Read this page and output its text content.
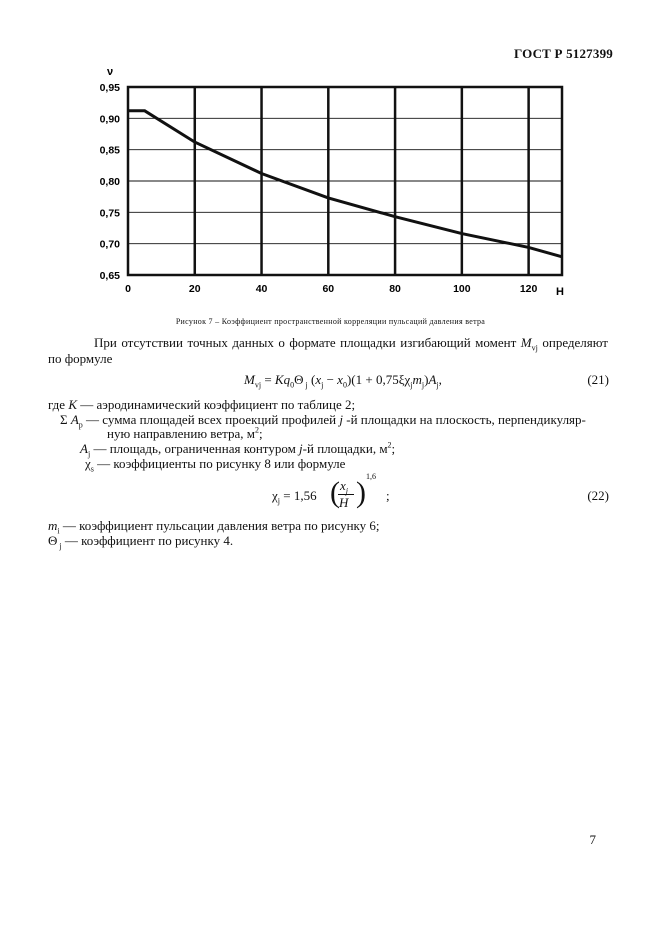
ГОСТ Р 5127399
0	20	40	60	80	100	120
0,95
0,90
0,85
0,80
0,75
0,70
0,65
ν
Н
Рисунок 7 – Коэффициент пространственной корреляции пульсаций давления ветра
При отсутствии точных данных о формате площадки изгибающий момент $M_{vj}$ определяют по формуле
$M_{vj} = Kq_0\Theta$ $_j$ $(x_j - x_0)(1 + 0,75\xi\chi_jm_j)A_j$,	(21)
где K — аэродинамический коэффициент по таблице 2;
Σ $A_p$ — сумма площадей всех проекций профилей j -й площадки на плоскость, перпендикуляр-
ную направлению ветра, $м^2$;
$A_j$ — площадь, ограниченная контуром j-й площадки, $м^2$;
$\chi_s$ — коэффициенты по рисунку 8 или формуле
$\chi_j = 1,56$ ( $x_j$
H ) 1,6
;	(22)
$m_i$ — коэффициент пульсации давления ветра по рисунку 6;
Θ $_j$ — коэффициент по рисунку 4.
7
